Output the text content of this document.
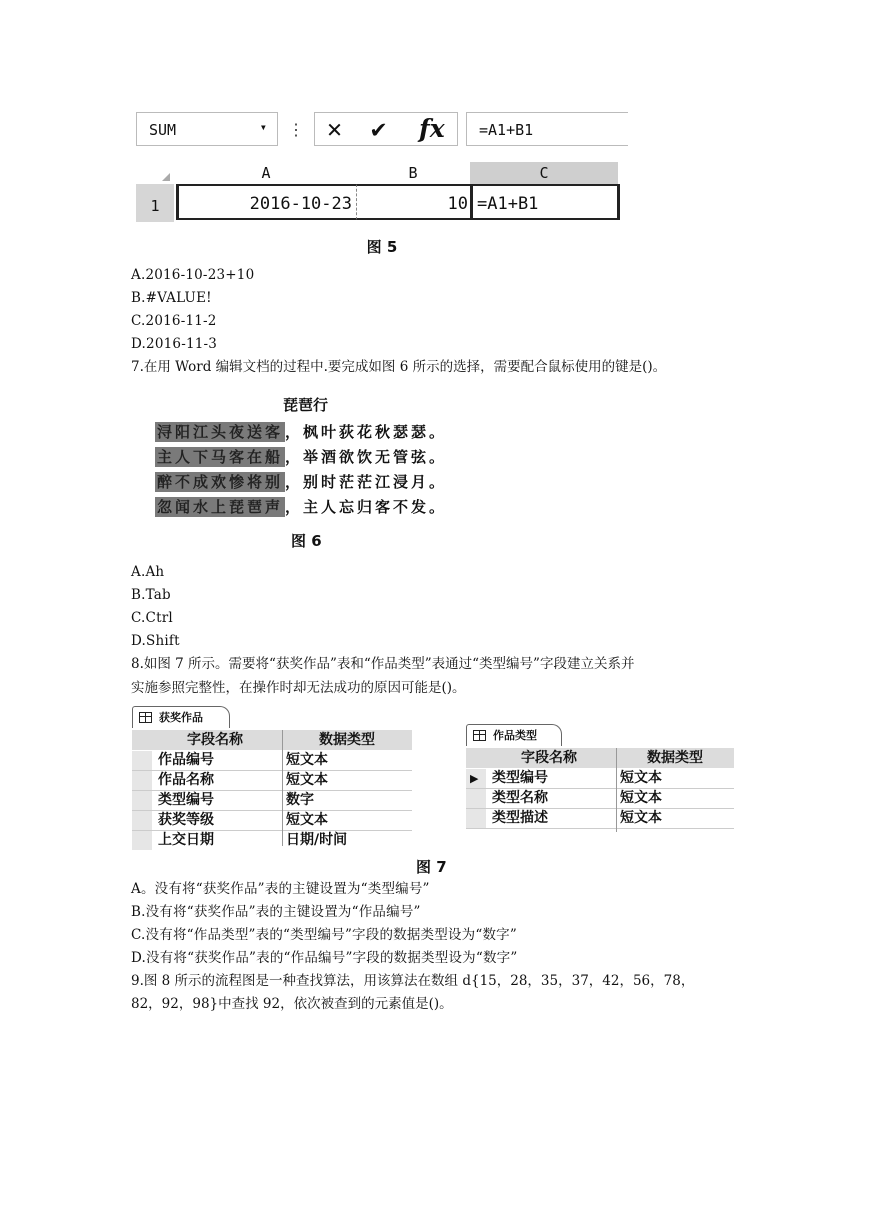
SUM	▾ ⋮ ✕ ✔ fx =A1+B1
A	B	C
1	2016-10-23	10 =A1+B1
图 5
A.2016-10-23+10
B.#VALUE!
C.2016-11-2
D.2016-11-3
7.在用 Word 编辑文档的过程中.要完成如图 6 所示的选择，需要配合鼠标使用的键是()。
琵琶行
浔阳江头夜送客 ，枫叶荻花秋瑟瑟。
主人下马客在船 ，举酒欲饮无管弦。
醉不成欢惨将别 ，别时茫茫江浸月。
忽闻水上琵琶声 ，主人忘归客不发。
图 6
A.Ah
B.Tab
C.Ctrl
D.Shift
8.如图 7 所示。需要将“获奖作品”表和“作品类型”表通过“类型编号”字段建立关系并
实施参照完整性，在操作时却无法成功的原因可能是()。
获奖作品
字段名称	数据类型
作品编号	短文本
作品名称	短文本
类型编号	数字
获奖等级	短文本
上交日期	日期/时间
作品类型
字段名称	数据类型
▶ 类型编号	短文本
类型名称	短文本
类型描述	短文本
图 7
A。没有将“获奖作品”表的主键设置为“类型编号”
B.没有将“获奖作品”表的主键设置为“作品编号”
C.没有将“作品类型”表的“类型编号”字段的数据类型设为“数字”
D.没有将“获奖作品”表的“作品编号”字段的数据类型设为“数字”
9.图 8 所示的流程图是一种查找算法，用该算法在数组 d{15，28，35，37，42，56，78，
82，92，98}中查找 92，依次被查到的元素值是()。
